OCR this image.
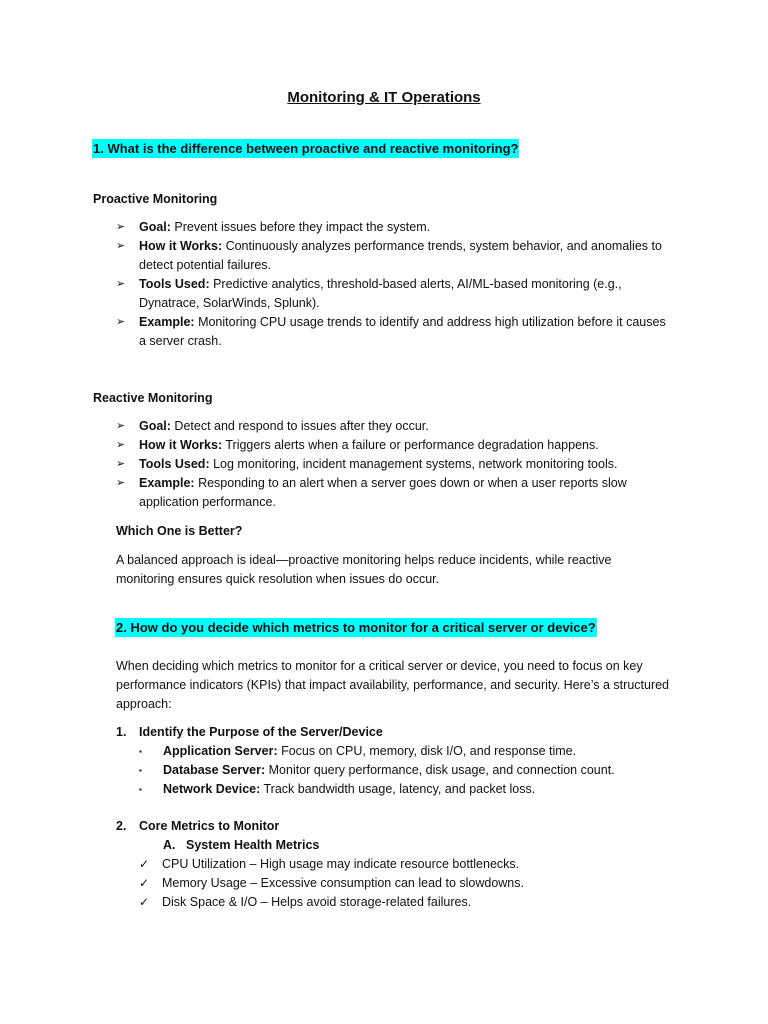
Monitoring & IT Operations
1. What is the difference between proactive and reactive monitoring?
Proactive Monitoring
➢ Goal: Prevent issues before they impact the system.
➢ How it Works: Continuously analyzes performance trends, system behavior, and anomalies to detect potential failures.
➢ Tools Used: Predictive analytics, threshold-based alerts, AI/ML-based monitoring (e.g., Dynatrace, SolarWinds, Splunk).
➢ Example: Monitoring CPU usage trends to identify and address high utilization before it causes a server crash.
Reactive Monitoring
➢ Goal: Detect and respond to issues after they occur.
➢ How it Works: Triggers alerts when a failure or performance degradation happens.
➢ Tools Used: Log monitoring, incident management systems, network monitoring tools.
➢ Example: Responding to an alert when a server goes down or when a user reports slow application performance.
Which One is Better?

A balanced approach is ideal—proactive monitoring helps reduce incidents, while reactive monitoring ensures quick resolution when issues do occur.

2. How do you decide which metrics to monitor for a critical server or device?

When deciding which metrics to monitor for a critical server or device, you need to focus on key performance indicators (KPIs) that impact availability, performance, and security. Here’s a structured approach:

1. Identify the Purpose of the Server/Device
▪ Application Server: Focus on CPU, memory, disk I/O, and response time.
▪ Database Server: Monitor query performance, disk usage, and connection count.
▪ Network Device: Track bandwidth usage, latency, and packet loss.
2. Core Metrics to Monitor
A. System Health Metrics
✓ CPU Utilization – High usage may indicate resource bottlenecks.
✓ Memory Usage – Excessive consumption can lead to slowdowns.
✓ Disk Space & I/O – Helps avoid storage-related failures.
